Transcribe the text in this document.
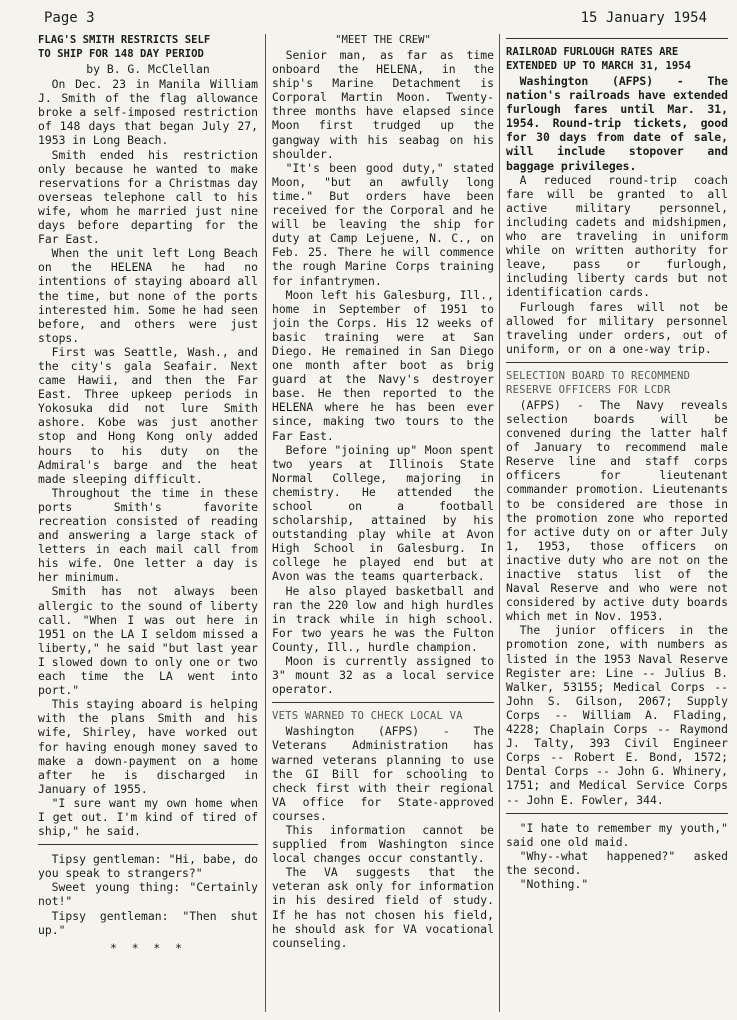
Page 3	15 January 1954
FLAG'S SMITH RESTRICTS SELF
TO SHIP FOR 148 DAY PERIOD
by B. G. McClellan

On Dec. 23 in Manila William J. Smith of the flag allowance broke a self-imposed restriction of 148 days that began July 27, 1953 in Long Beach.

Smith ended his restriction only because he wanted to make reservations for a Christmas day overseas telephone call to his wife, whom he married just nine days before departing for the Far East.

When the unit left Long Beach on the HELENA he had no intentions of staying aboard all the time, but none of the ports interested him. Some he had seen before, and others were just stops.

First was Seattle, Wash., and the city's gala Seafair. Next came Hawii, and then the Far East. Three upkeep periods in Yokosuka did not lure Smith ashore. Kobe was just another stop and Hong Kong only added hours to his duty on the Admiral's barge and the heat made sleeping difficult.

Throughout the time in these ports Smith's favorite recreation consisted of reading and answering a large stack of letters in each mail call from his wife. One letter a day is her minimum.

Smith has not always been allergic to the sound of liberty call. "When I was out here in 1951 on the LA I seldom missed a liberty," he said "but last year I slowed down to only one or two each time the LA went into port."

This staying aboard is helping with the plans Smith and his wife, Shirley, have worked out for having enough money saved to make a down-payment on a home after he is discharged in January of 1955.

"I sure want my own home when I get out. I'm kind of tired of ship," he said.

Tipsy gentleman: "Hi, babe, do you speak to strangers?"

Sweet young thing: "Certainly not!"

Tipsy gentleman: "Then shut up."

* * * *
"MEET THE CREW"

Senior man, as far as time onboard the HELENA, in the ship's Marine Detachment is Corporal Martin Moon. Twenty-three months have elapsed since Moon first trudged up the gangway with his seabag on his shoulder.

"It's been good duty," stated Moon, "but an awfully long time." But orders have been received for the Corporal and he will be leaving the ship for duty at Camp Lejuene, N. C., on Feb. 25. There he will commence the rough Marine Corps training for infantrymen.

Moon left his Galesburg, Ill., home in September of 1951 to join the Corps. His 12 weeks of basic training were at San Diego. He remained in San Diego one month after boot as brig guard at the Navy's destroyer base. He then reported to the HELENA where he has been ever since, making two tours to the Far East.

Before "joining up" Moon spent two years at Illinois State Normal College, majoring in chemistry. He attended the school on a football scholarship, attained by his outstanding play while at Avon High School in Galesburg. In college he played end but at Avon was the teams quarterback.

He also played basketball and ran the 220 low and high hurdles in track while in high school. For two years he was the Fulton County, Ill., hurdle champion.

Moon is currently assigned to 3" mount 32 as a local service operator.

VETS WARNED TO CHECK LOCAL VA

Washington (AFPS) - The Veterans Administration has warned veterans planning to use the GI Bill for schooling to check first with their regional VA office for State-approved courses.

This information cannot be supplied from Washington since local changes occur constantly.

The VA suggests that the veteran ask only for information in his desired field of study. If he has not chosen his field, he should ask for VA vocational counseling.

RAILROAD FURLOUGH RATES ARE
EXTENDED UP TO MARCH 31, 1954

Washington (AFPS) - The nation's railroads have extended furlough fares until Mar. 31, 1954. Round-trip tickets, good for 30 days from date of sale, will include stopover and baggage privileges.

A reduced round-trip coach fare will be granted to all active military personnel, including cadets and midshipmen, who are traveling in uniform while on written authority for leave, pass or furlough, including liberty cards but not identification cards.

Furlough fares will not be allowed for military personnel traveling under orders, out of uniform, or on a one-way trip.

SELECTION BOARD TO RECOMMEND
RESERVE OFFICERS FOR LCDR

(AFPS) - The Navy reveals selection boards will be convened during the latter half of January to recommend male Reserve line and staff corps officers for lieutenant commander promotion. Lieutenants to be considered are those in the promotion zone who reported for active duty on or after July 1, 1953, those officers on inactive duty who are not on the inactive status list of the Naval Reserve and who were not considered by active duty boards which met in Nov. 1953.

The junior officers in the promotion zone, with numbers as listed in the 1953 Naval Reserve Register are: Line -- Julius B. Walker, 53155; Medical Corps -- John S. Gilson, 2067; Supply Corps -- William A. Flading, 4228; Chaplain Corps -- Raymond J. Talty, 393 Civil Engineer Corps -- Robert E. Bond, 1572; Dental Corps -- John G. Whinery, 1751; and Medical Service Corps -- John E. Fowler, 344.

"I hate to remember my youth," said one old maid.

"Why--what happened?" asked the second.

"Nothing."
